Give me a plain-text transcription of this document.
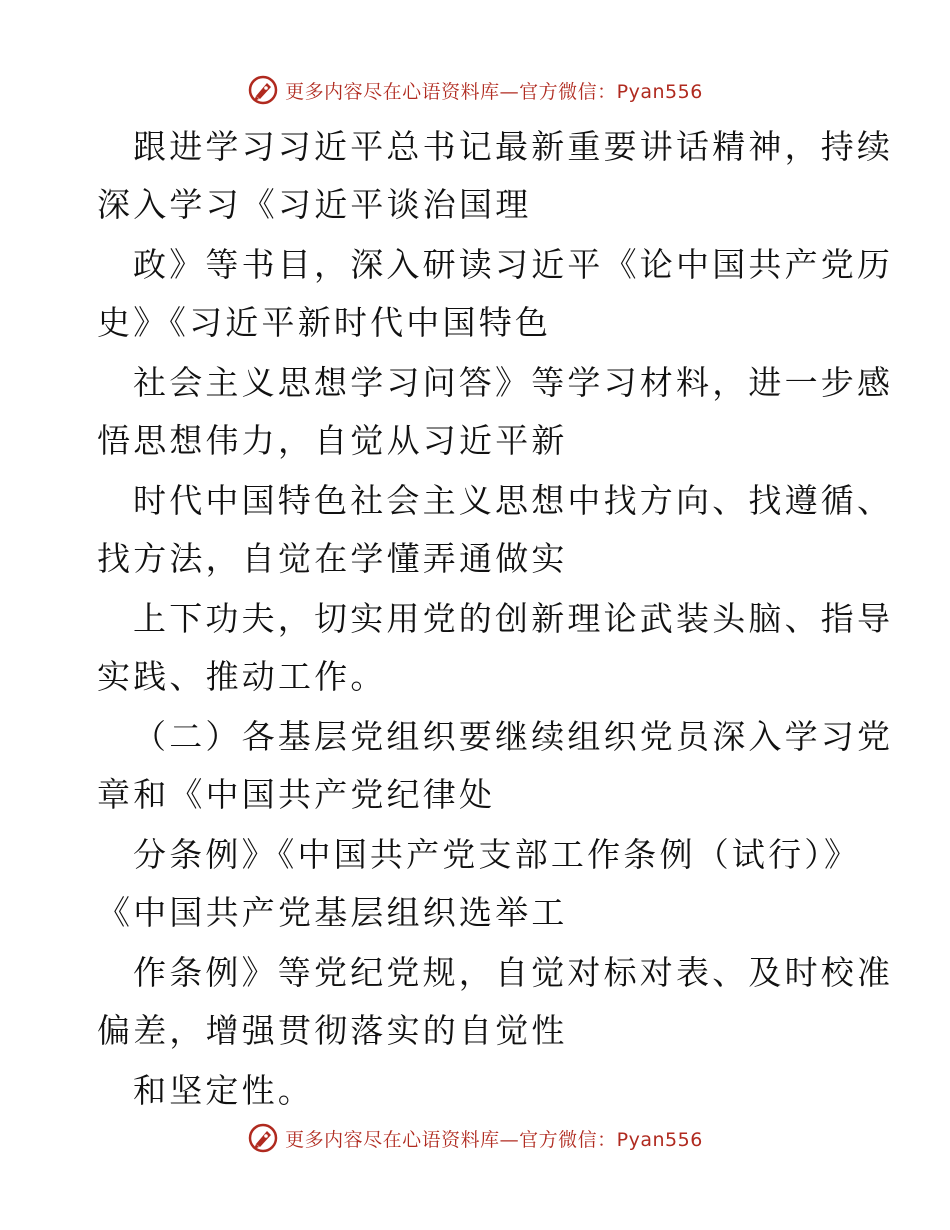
更多内容尽在心语资料库—官方微信：Pyan556
跟进学习习近平总书记最新重要讲话精神，持续
深入学习《习近平谈治国理
政》等书目，深入研读习近平《论中国共产党历
史》《习近平新时代中国特色
社会主义思想学习问答》等学习材料，进一步感
悟思想伟力，自觉从习近平新
时代中国特色社会主义思想中找方向、找遵循、
找方法，自觉在学懂弄通做实
上下功夫，切实用党的创新理论武装头脑、指导
实践、推动工作。
（二）各基层党组织要继续组织党员深入学习党
章和《中国共产党纪律处
分条例》《中国共产党支部工作条例（试行）》
《中国共产党基层组织选举工
作条例》等党纪党规，自觉对标对表、及时校准
偏差，增强贯彻落实的自觉性
和坚定性。
更多内容尽在心语资料库—官方微信：Pyan556
